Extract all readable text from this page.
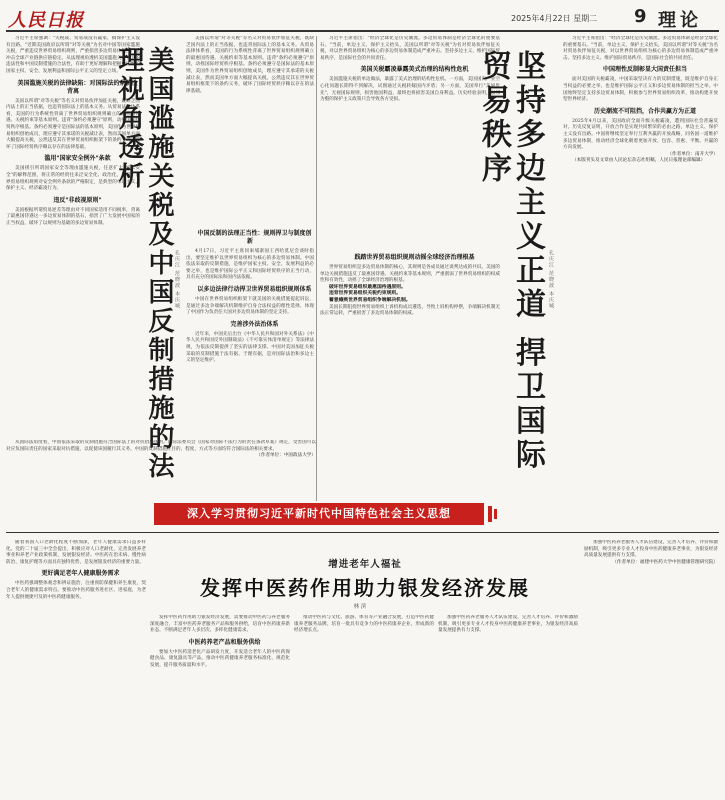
人民日报	2025年4月22日 星期二 9 理论

习近平主席强调："关税战、贸易战没有赢家，搞保护主义没有出路。"近期美国政府以所谓"对等关税"为名对中国等国家滥施关税，严重违反世界贸易组织规则，严重损害多边贸易体制，严重冲击全球产业链供应链稳定。从法理视角透析美国滥施关税行为的违法性和中国反制措施的合法性，有助于更好理解和把握中国维护国家主权、安全、发展利益和国际公平正义的坚定立场。

美国滥施关税的法律缺陷：对国际法的系统性背离

美国以所谓"对等关税"等名义对贸易伙伴加征关税，既缺乏国内法上的正当依据，也违背国际法上的基本义务。从贸易法律体系看，美国的行为系统性背离了世界贸易组织规则确立的最惠国待遇、关税约束等基本原则。违背"条约必须遵守"原则，动摇国际经贸秩序根基。条约必须遵守是国际法的基本原则，美国作为世界贸易组织创始成员，理应遵守其承诺的关税减让表，然而美国单方面大幅提高关税，公然违反其在世界贸易组织框架下的条约义务，破坏了国际经贸秩序赖以存在的法律基础。

滥用"国家安全例外"条款

美国援引所谓国家安全等理由滥施关税，任意扩大"国家安全"的解释范围，将正常的经贸往来泛安全化、政治化，违背了世界贸易组织规则对安全例外条款的严格限定，是典型的单边主义、保护主义、经济霸凌行为。

违反"非歧视原则"

美国根据所谓贸易逆差等理由对不同国家适用不同税率，背离了最惠国待遇这一多边贸易体制的基石，损害了广大发展中国家的正当权益，破坏了以规则为基础的多边贸易体制。	美国滥施关税及中国反制措施的法理视角透析
孔庆江 范晓波 本庆城

美国以所谓"对等关税"等名义对贸易伙伴加征关税，既缺乏国内法上的正当依据，也违背国际法上的基本义务。从贸易法律体系看，美国的行为系统性背离了世界贸易组织规则确立的最惠国待遇、关税约束等基本原则。违背"条约必须遵守"原则，动摇国际经贸秩序根基。条约必须遵守是国际法的基本原则，美国作为世界贸易组织创始成员，理应遵守其承诺的关税减让表，然而美国单方面大幅提高关税，公然违反其在世界贸易组织框架下的条约义务，破坏了国际经贸秩序赖以存在的法律基础。

中国反制的法理正当性：规则捍卫与制度创新

4月17日，习近平主席同柬埔寨国王西哈莫尼会谈时指出，要坚定维护以世界贸易组织为核心的多边贸易体制。中国依法采取的反制措施，是维护国家主权、安全、发展利益的必要之举，也是维护国际公平正义和国际经贸秩序的正当行动，具有充分的国际法和国内法依据。

以多边法律行动捍卫世界贸易组织规则体系

中国在世界贸易组织框架下就美国的关税措施提起诉讼，是通过多边争端解决机制维护自身合法权益的理性选择，体现了中国作为负责任大国对多边贸易体制的坚定支持。

完善涉外法治体系

近年来，中国先后出台《中华人民共和国对外关系法》《中华人民共和国反外国制裁法》《不可靠实体清单规定》等法律法规，为依法反制提供了坚实的法律支撑。中国对美国加征关税采取的反制措施于法有据、于理有据，是对国际法治和多边主义的坚定维护。

从国际法角度看，中国依法采取的反制措施符合国际法上的对抗措施规则。国际法委员会《国家对国际不法行为的责任条款草案》规定，受害国可以对应负国际责任的国家采取对抗措施，以促使该国履行其义务。中国的反制措施在目的、程度、方式等方面均符合国际法的相关要求。

（作者单位：中国政法大学）

习近平主席指出："经济全球化是历史潮流。多边贸易体制是经济全球化的重要基石。"当前，单边主义、保护主义抬头，美国以所谓"对等关税"为名对贸易伙伴加征关税，对以世界贸易组织为核心的多边贸易体制造成严重冲击。坚持多边主义、维护国际贸易秩序，是国际社会的共同责任。

美国关税霸凌暴露美式治理的结构性危机

美国滥施关税的单边做法，暴露了美式治理的结构性危机。一方面，美国国内产业空心化问题长期得不到解决，试图通过关税转嫁国内矛盾；另一方面，美国奉行"美国优先"，无视国际规则，损害他国利益，最终也将损害美国自身利益。历史经验表明，以邻为壑的保护主义政策只会导致各方受损。

践踏世界贸易组织规则动摇全球经济治理根基

世界贸易组织是多边贸易体制的核心，其规则是各成员通过谈判达成的共识。美国的单边关税措施违反了最惠国待遇、关税约束等基本规则，严重削弱了世界贸易组织的权威性和有效性，动摇了全球经济治理的根基。

破坏世界贸易组织最惠国待遇原则。

违背世界贸易组织关税约束规则。

蓄意瘫痪世界贸易组织争端解决机制。

美国长期阻挠世界贸易组织上诉机构成员遴选，导致上诉机构停摆，争端解决机制无法正常运转，严重损害了多边贸易体制的权威。	坚持多边主义正道 捍卫国际贸易秩序
孔庆江 范晓波 本庆城

习近平主席指出："经济全球化是历史潮流。多边贸易体制是经济全球化的重要基石。"当前，单边主义、保护主义抬头，美国以所谓"对等关税"为名对贸易伙伴加征关税，对以世界贸易组织为核心的多边贸易体制造成严重冲击。坚持多边主义、维护国际贸易秩序，是国际社会的共同责任。

中国理性反制彰显大国责任担当

面对美国的关税霸凌，中国采取坚决有力的反制措施，既是维护自身正当权益的必要之举，也是维护国际公平正义和多边贸易体制的担当之举。中国始终坚定支持多边贸易体制，积极参与世界贸易组织改革，推动构建开放型世界经济。

历史潮流不可阻挡，合作共赢方为正道

2025年4月以来，美国政府全面升级关税霸凌，遭到国际社会普遍反对。历史反复证明，开放合作是实现共同繁荣的必由之路，单边主义、保护主义没有出路。中国将继续坚定奉行互利共赢的开放战略，同各国一道维护多边贸易体制，推动经济全球化朝着更加开放、包容、普惠、平衡、共赢的方向发展。

（作者单位：南开大学）
（本版刊头及文章由人民论坛杂志社组稿，人民日报理论部编辑）
深入学习贯彻习近平新时代中国特色社会主义思想

随着我国人口老龄化程度不断加深，老年人健康需求日益多样化。党的二十届三中全会提出，积极应对人口老龄化，完善发展养老事业和养老产业政策机制，发展银发经济。中医药在治未病、慢性病防治、康复护理等方面具有独特优势，是发展银发经济的重要力量。

更好满足老年人健康服务需求

中医药强调整体观念和辨证施治，注重预防保健和养生康复，契合老年人的健康需求特点。要推动中医药服务进社区、进家庭，为老年人提供便捷可及的中医药健康服务。

增进老年人福祉
发挥中医药作用助力银发经济发展
林 滨

发挥中医药作用助力银发经济发展，需要推动中医药与养老服务深度融合，丰富中医药养老服务产品和服务供给，培育中医药康养新业态，不断满足老年人多层次、多样化健康需求。

中医药养老产品和服务供给

要加大中医药适老化产品研发力度，开发适合老年人的中医药保健食品、康复器具等产品，推动中医药健康养老服务标准化、规范化发展，提升服务质量和水平。

推动中医药与文化、旅游、体育等产业融合发展，打造中医药健康养老服务品牌，培育一批具有竞争力的中医药康养企业，形成新的经济增长点。

加强中医药养老服务人才队伍建设，完善人才培养、评价和激励机制，吸引更多专业人才投身中医药健康养老事业，为银发经济高质量发展提供有力支撑。

加强中医药养老服务人才队伍建设，完善人才培养、评价和激励机制，吸引更多专业人才投身中医药健康养老事业，为银发经济高质量发展提供有力支撑。

（作者单位：福建中医药大学中医健康管理研究院）
